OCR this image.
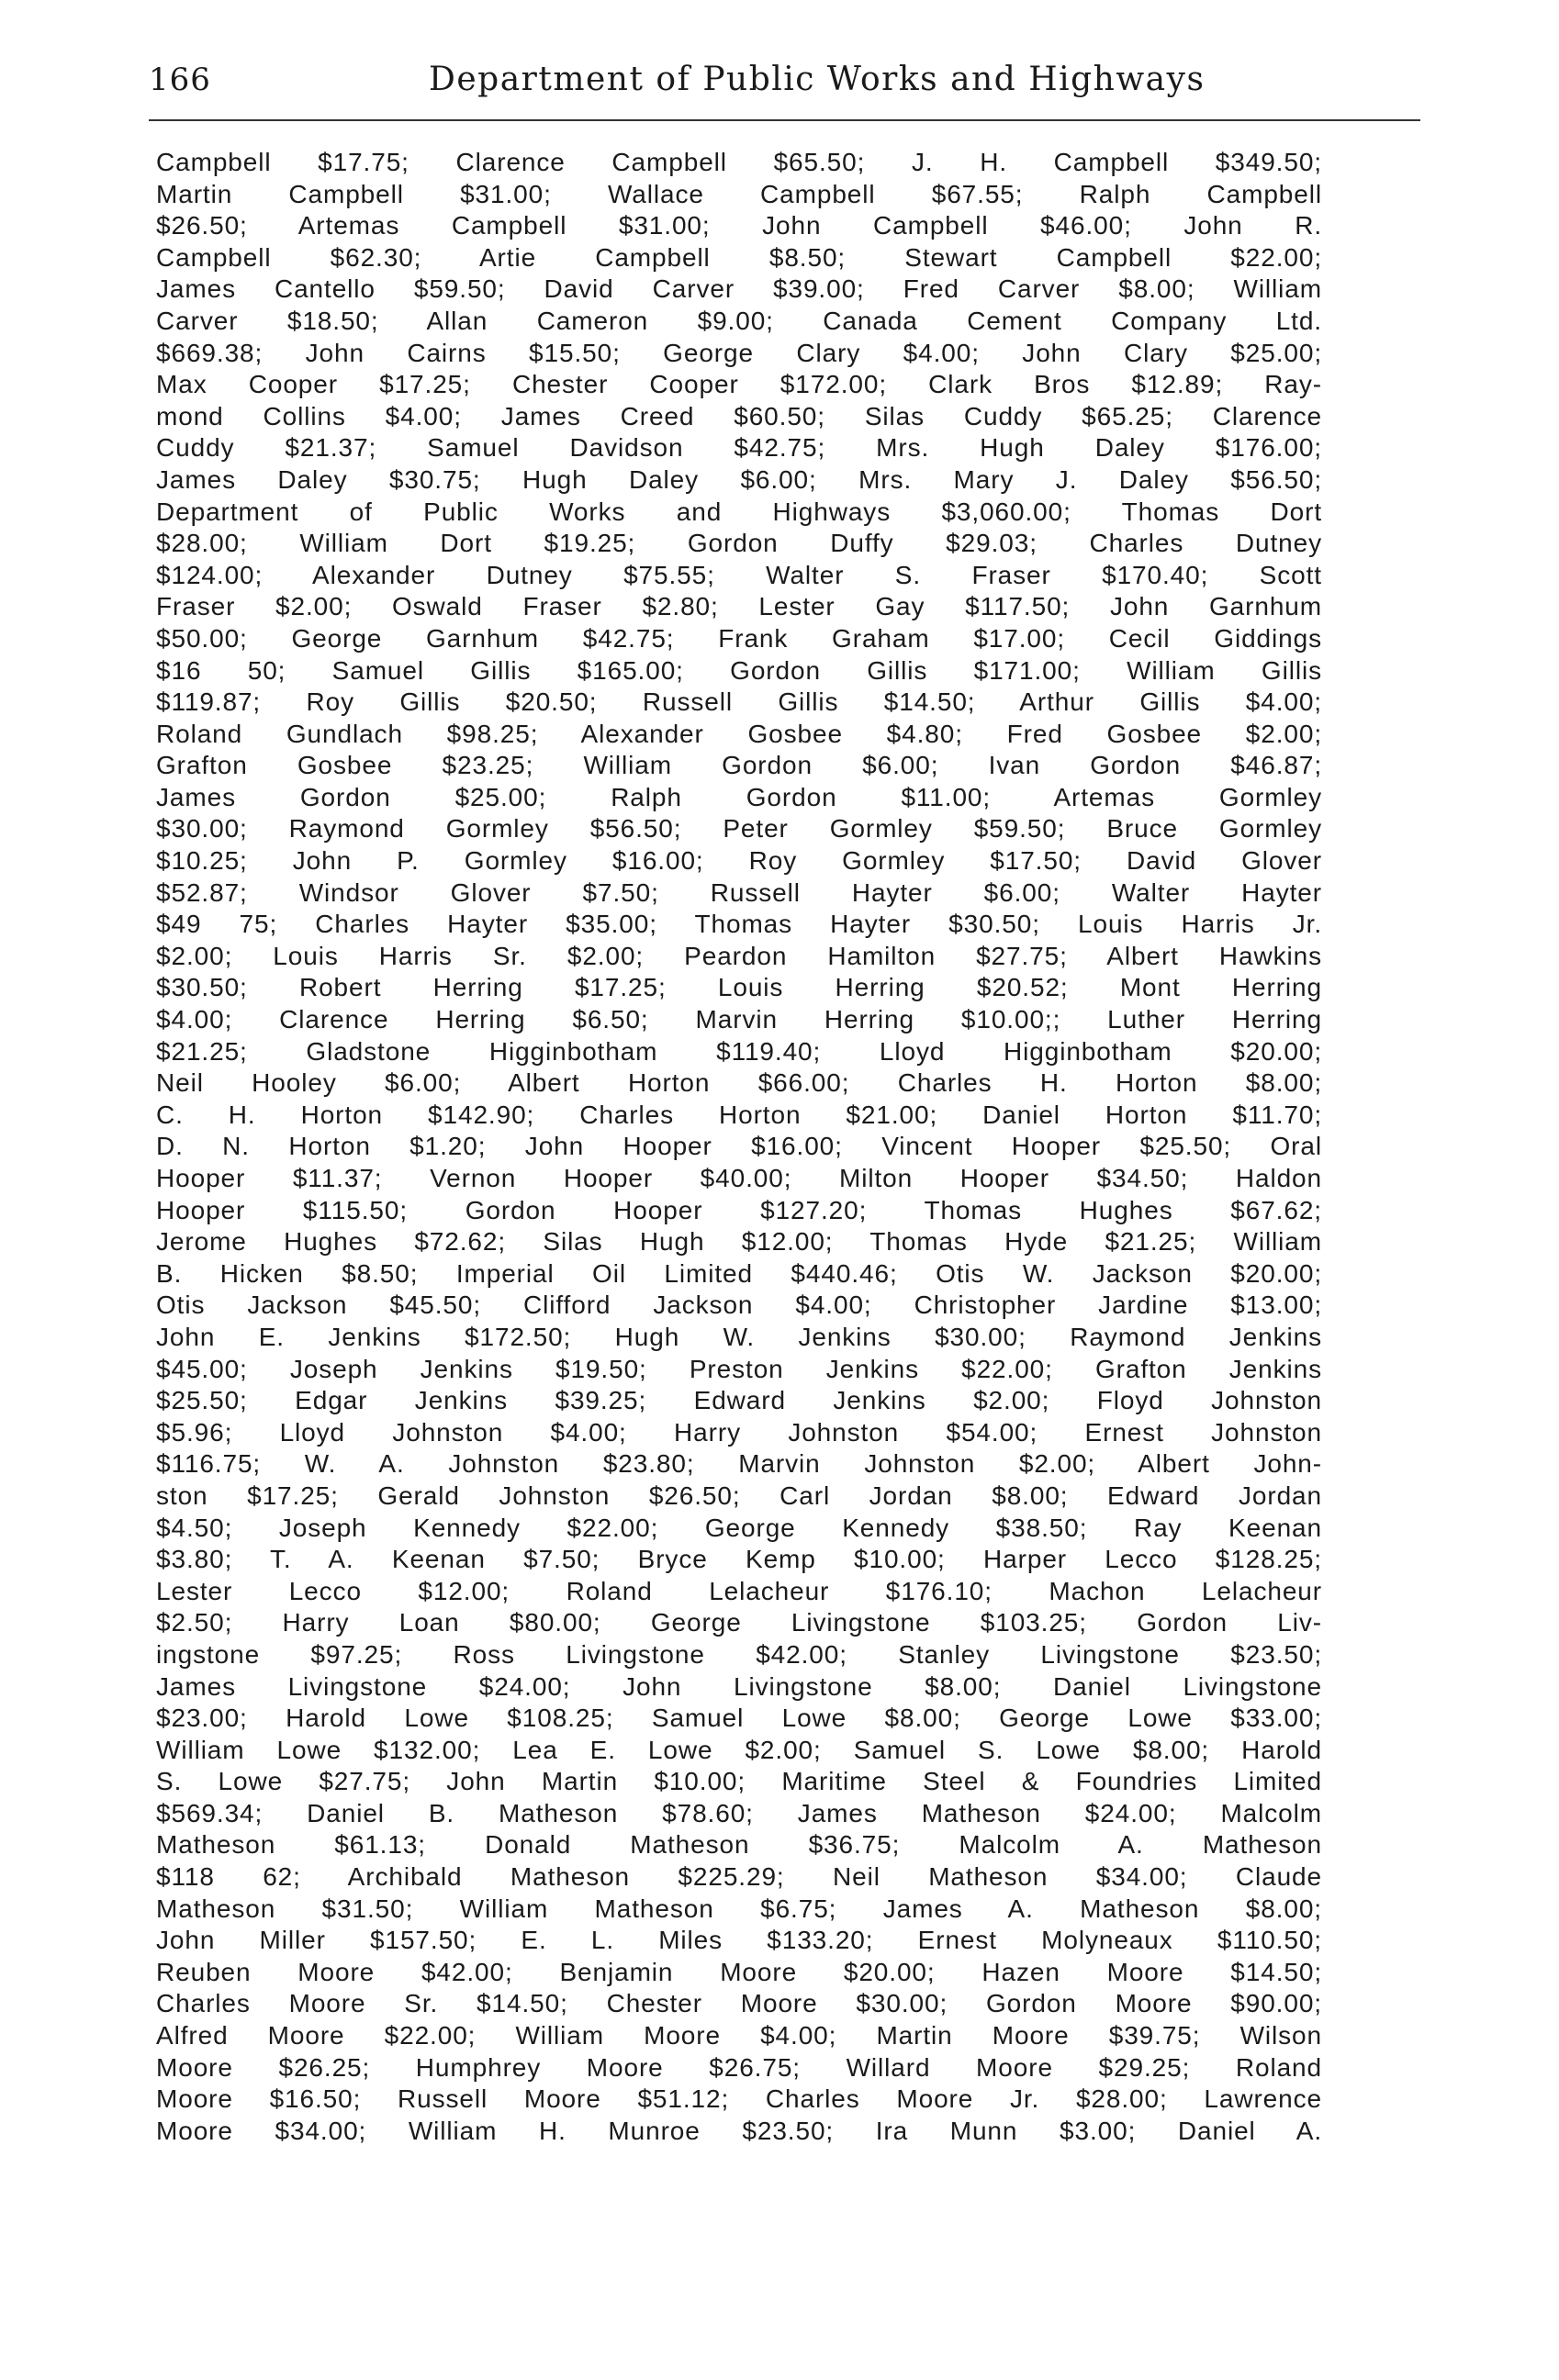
166	Department of Public Works and Highways
Campbell $17.75; Clarence Campbell $65.50; J. H. Campbell $349.50;
Martin Campbell $31.00; Wallace Campbell $67.55; Ralph Campbell
$26.50; Artemas Campbell $31.00; John Campbell $46.00; John R.
Campbell $62.30; Artie Campbell $8.50; Stewart Campbell $22.00;
James Cantello $59.50; David Carver $39.00; Fred Carver $8.00; William
Carver $18.50; Allan Cameron $9.00; Canada Cement Company Ltd.
$669.38; John Cairns $15.50; George Clary $4.00; John Clary $25.00;
Max Cooper $17.25; Chester Cooper $172.00; Clark Bros $12.89; Ray-
mond Collins $4.00; James Creed $60.50; Silas Cuddy $65.25; Clarence
Cuddy $21.37; Samuel Davidson $42.75; Mrs. Hugh Daley $176.00;
James Daley $30.75; Hugh Daley $6.00; Mrs. Mary J. Daley $56.50;
Department of Public Works and Highways $3,060.00; Thomas Dort
$28.00; William Dort $19.25; Gordon Duffy $29.03; Charles Dutney
$124.00; Alexander Dutney $75.55; Walter S. Fraser $170.40; Scott
Fraser $2.00; Oswald Fraser $2.80; Lester Gay $117.50; John Garnhum
$50.00; George Garnhum $42.75; Frank Graham $17.00; Cecil Giddings
$16 50; Samuel Gillis $165.00; Gordon Gillis $171.00; William Gillis
$119.87; Roy Gillis $20.50; Russell Gillis $14.50; Arthur Gillis $4.00;
Roland Gundlach $98.25; Alexander Gosbee $4.80; Fred Gosbee $2.00;
Grafton Gosbee $23.25; William Gordon $6.00; Ivan Gordon $46.87;
James Gordon $25.00; Ralph Gordon $11.00; Artemas Gormley
$30.00; Raymond Gormley $56.50; Peter Gormley $59.50; Bruce Gormley
$10.25; John P. Gormley $16.00; Roy Gormley $17.50; David Glover
$52.87; Windsor Glover $7.50; Russell Hayter $6.00; Walter Hayter
$49 75; Charles Hayter $35.00; Thomas Hayter $30.50; Louis Harris Jr.
$2.00; Louis Harris Sr. $2.00; Peardon Hamilton $27.75; Albert Hawkins
$30.50; Robert Herring $17.25; Louis Herring $20.52; Mont Herring
$4.00; Clarence Herring $6.50; Marvin Herring $10.00;; Luther Herring
$21.25; Gladstone Higginbotham $119.40; Lloyd Higginbotham $20.00;
Neil Hooley $6.00; Albert Horton $66.00; Charles H. Horton $8.00;
C. H. Horton $142.90; Charles Horton $21.00; Daniel Horton $11.70;
D. N. Horton $1.20; John Hooper $16.00; Vincent Hooper $25.50; Oral
Hooper $11.37; Vernon Hooper $40.00; Milton Hooper $34.50; Haldon
Hooper $115.50; Gordon Hooper $127.20; Thomas Hughes $67.62;
Jerome Hughes $72.62; Silas Hugh $12.00; Thomas Hyde $21.25; William
B. Hicken $8.50; Imperial Oil Limited $440.46; Otis W. Jackson $20.00;
Otis Jackson $45.50; Clifford Jackson $4.00; Christopher Jardine $13.00;
John E. Jenkins $172.50; Hugh W. Jenkins $30.00; Raymond Jenkins
$45.00; Joseph Jenkins $19.50; Preston Jenkins $22.00; Grafton Jenkins
$25.50; Edgar Jenkins $39.25; Edward Jenkins $2.00; Floyd Johnston
$5.96; Lloyd Johnston $4.00; Harry Johnston $54.00; Ernest Johnston
$116.75; W. A. Johnston $23.80; Marvin Johnston $2.00; Albert John-
ston $17.25; Gerald Johnston $26.50; Carl Jordan $8.00; Edward Jordan
$4.50; Joseph Kennedy $22.00; George Kennedy $38.50; Ray Keenan
$3.80; T. A. Keenan $7.50; Bryce Kemp $10.00; Harper Lecco $128.25;
Lester Lecco $12.00; Roland Lelacheur $176.10; Machon Lelacheur
$2.50; Harry Loan $80.00; George Livingstone $103.25; Gordon Liv-
ingstone $97.25; Ross Livingstone $42.00; Stanley Livingstone $23.50;
James Livingstone $24.00; John Livingstone $8.00; Daniel Livingstone
$23.00; Harold Lowe $108.25; Samuel Lowe $8.00; George Lowe $33.00;
William Lowe $132.00; Lea E. Lowe $2.00; Samuel S. Lowe $8.00; Harold
S. Lowe $27.75; John Martin $10.00; Maritime Steel & Foundries Limited
$569.34; Daniel B. Matheson $78.60; James Matheson $24.00; Malcolm
Matheson $61.13; Donald Matheson $36.75; Malcolm A. Matheson
$118 62; Archibald Matheson $225.29; Neil Matheson $34.00; Claude
Matheson $31.50; William Matheson $6.75; James A. Matheson $8.00;
John Miller $157.50; E. L. Miles $133.20; Ernest Molyneaux $110.50;
Reuben Moore $42.00; Benjamin Moore $20.00; Hazen Moore $14.50;
Charles Moore Sr. $14.50; Chester Moore $30.00; Gordon Moore $90.00;
Alfred Moore $22.00; William Moore $4.00; Martin Moore $39.75; Wilson
Moore $26.25; Humphrey Moore $26.75; Willard Moore $29.25; Roland
Moore $16.50; Russell Moore $51.12; Charles Moore Jr. $28.00; Lawrence
Moore $34.00; William H. Munroe $23.50; Ira Munn $3.00; Daniel A.
